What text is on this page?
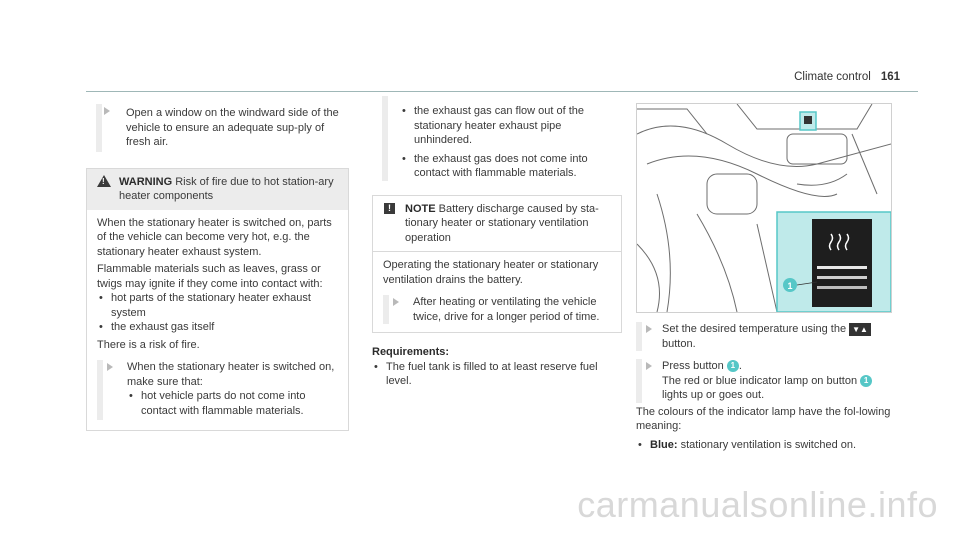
Climate control 161
Open a window on the windward side of the vehicle to ensure an adequate sup-ply of fresh air.
!
WARNING Risk of fire due to hot station-ary heater components
When the stationary heater is switched on, parts of the vehicle can become very hot, e.g. the stationary heater exhaust system.
Flammable materials such as leaves, grass or twigs may ignite if they come into contact with:
• hot parts of the stationary heater exhaust system
• the exhaust gas itself
There is a risk of fire.
When the stationary heater is switched on, make sure that:
• hot vehicle parts do not come into contact with flammable materials.
• the exhaust gas can flow out of the stationary heater exhaust pipe unhindered.
• the exhaust gas does not come into contact with flammable materials.
!	NOTE Battery discharge caused by sta-tionary heater or stationary ventilation operation
Operating the stationary heater or stationary ventilation drains the battery.
After heating or ventilating the vehicle twice, drive for a longer period of time.
Requirements:
• The fuel tank is filled to at least reserve fuel level.
1
Set the desired temperature using the ▼▲
button.
Press button 1 .
The red or blue indicator lamp on button 1
lights up or goes out.
The colours of the indicator lamp have the fol-lowing meaning:
• Blue: stationary ventilation is switched on.
carmanualsonline.info
